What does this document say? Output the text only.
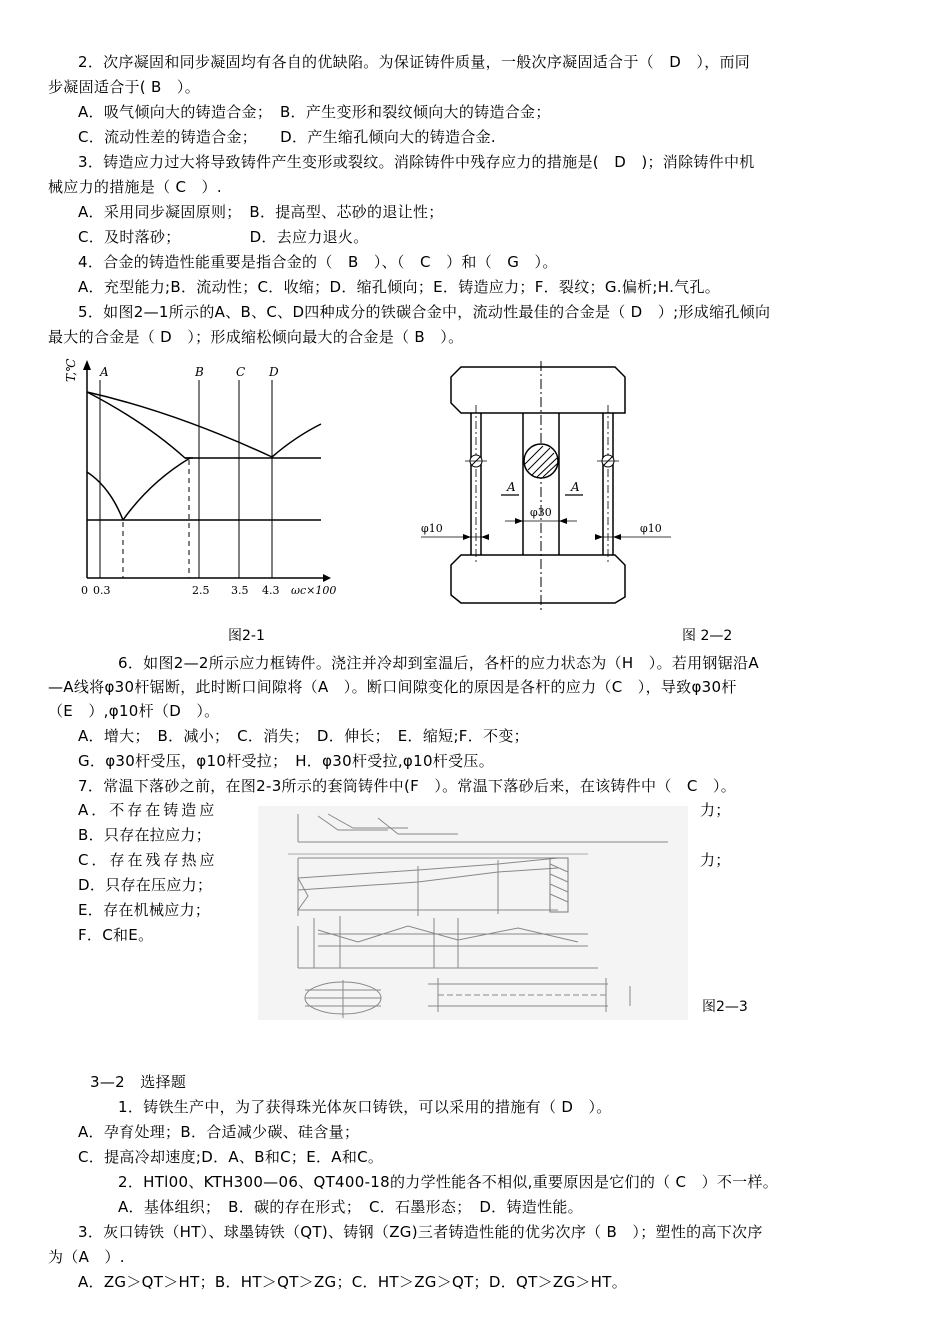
2．次序凝固和同步凝固均有各自的优缺陷。为保证铸件质量，一般次序凝固适合于（　D　），而同
步凝固适合于( B　）。
A．吸气倾向大的铸造合金；　B．产生变形和裂纹倾向大的铸造合金；
C．流动性差的铸造合金；　　D．产生缩孔倾向大的铸造合金.
3．铸造应力过大将导致铸件产生变形或裂纹。消除铸件中残存应力的措施是(　D　)；消除铸件中机
械应力的措施是（ C　）.
A．采用同步凝固原则；　B．提高型、芯砂的退让性；
C．及时落砂；　　　　　D．去应力退火。
4．合金的铸造性能重要是指合金的（　B　）、（　C　）和（　G　）。
A．充型能力;B．流动性；C．收缩；D．缩孔倾向；E．铸造应力；F．裂纹；G.偏析;H.气孔。
5．如图2—1所示的A、B、C、D四种成分的铁碳合金中，流动性最佳的合金是（ D　）;形成缩孔倾向
最大的合金是（ D　）；形成缩松倾向最大的合金是（ B　）。
T,℃ A	B	C D
0 0.3	2.5 3.5 4.3 ωc×100
图2-1
A	A
φ30
φ10	φ10
图 2—2
6．如图2—2所示应力框铸件。浇注并冷却到室温后，各杆的应力状态为（H　）。若用钢锯沿A
—A线将φ30杆锯断，此时断口间隙将（A　）。断口间隙变化的原因是各杆的应力（C　），导致φ30杆
（E　）,φ10杆（D　）。
A．增大；　B．减小；　C．消失；　D．伸长；　E．缩短;F．不变；
G．φ30杆受压，φ10杆受拉；　H．φ30杆受拉,φ10杆受压。
7．常温下落砂之前，在图2-3所示的套筒铸件中(F　）。常温下落砂后来，在该铸件中（　C　）。
A．不存在铸造应	力；
B．只存在拉应力；
C．存在残存热应	力；
D．只存在压应力；
E．存在机械应力；
F．C和E。
图2—3
3—2　选择题
1．铸铁生产中，为了获得珠光体灰口铸铁，可以采用的措施有（ D　）。
A．孕育处理；B．合适减少碳、硅含量；
C．提高冷却速度;D．A、B和C；E．A和C。
2．HTl00、KTH300—06、QT400-18的力学性能各不相似,重要原因是它们的（ C　）不一样。
A．基体组织；　B．碳的存在形式；　C．石墨形态；　D．铸造性能。
3．灰口铸铁（HT）、球墨铸铁（QT)、铸钢（ZG)三者铸造性能的优劣次序（ B　）；塑性的高下次序
为（A　）.
A．ZG＞QT＞HT；B．HT＞QT＞ZG；C．HT＞ZG＞QT；D．QT＞ZG＞HT。
